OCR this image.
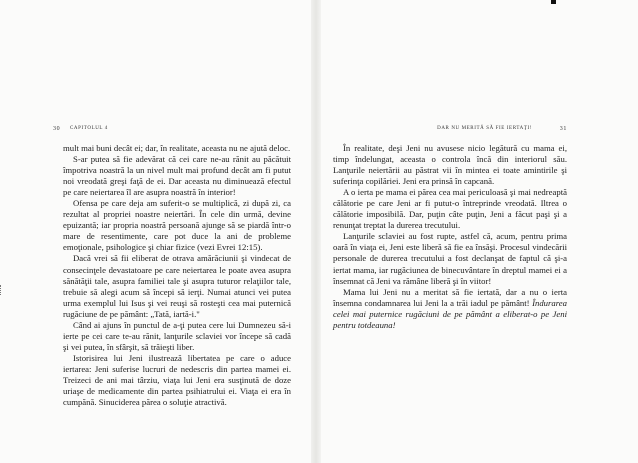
30 CAPITOLUL 4

mult mai buni decât ei; dar, în realitate, aceasta nu ne ajută deloc.

S-ar putea să fie adevărat că cei care ne-au rănit au păcătuit împotriva noastră la un nivel mult mai profund decât am fi putut noi vreodată greşi faţă de ei. Dar aceasta nu diminuează efectul pe care neiertarea îl are asupra noastră în interior!

Ofensa pe care deja am suferit-o se multiplică, zi după zi, ca rezultat al propriei noastre neiertări. În cele din urmă, devine epuizantă; iar propria noastră persoană ajunge să se piardă într-o mare de resentimente, care pot duce la ani de probleme emoţionale, psihologice şi chiar fizice (vezi Evrei 12:15).

Dacă vrei să fii eliberat de otrava amărăciunii şi vindecat de consecinţele devastatoare pe care neiertarea le poate avea asupra sănătăţii tale, asupra familiei tale şi asupra tuturor relaţiilor tale, trebuie să alegi acum să începi să ierţi. Numai atunci vei putea urma exemplul lui Isus şi vei reuşi să rosteşti cea mai puternică rugăciune de pe pământ: „Tată, iartă-i."

Când ai ajuns în punctul de a-ţi putea cere lui Dumnezeu să-i ierte pe cei care te-au rănit, lanţurile sclaviei vor începe să cadă şi vei putea, în sfârşit, să trăieşti liber.

Istorisirea lui Jeni ilustrează libertatea pe care o aduce iertarea: Jeni suferise lucruri de nedescris din partea mamei ei. Treizeci de ani mai târziu, viaţa lui Jeni era susţinută de doze uriaşe de medicamente din partea psihiatrului ei. Viaţa ei era în cumpănă. Sinuciderea părea o soluţie atractivă.

DAR NU MERITĂ SĂ FIE IERTAŢI!	31

În realitate, deşi Jeni nu avusese nicio legătură cu mama ei, timp îndelungat, aceasta o controla încă din interiorul său. Lanţurile neiertării au păstrat vii în mintea ei toate amintirile şi suferinţa copilăriei. Jeni era prinsă în capcană.

A o ierta pe mama ei părea cea mai periculoasă şi mai nedreaptă călătorie pe care Jeni ar fi putut-o întreprinde vreodată. Iltrea o călătorie imposibilă. Dar, puţin câte puţin, Jeni a făcut paşi şi a renunţat treptat la durerea trecutului.

Lanţurile sclaviei au fost rupte, astfel că, acum, pentru prima oară în viaţa ei, Jeni este liberă să fie ea însăşi. Procesul vindecării personale de durerea trecutului a fost declanşat de faptul că şi-a iertat mama, iar rugăciunea de binecuvântare în dreptul mamei ei a însemnat că Jeni va rămâne liberă şi în viitor!

Mama lui Jeni nu a meritat să fie iertată, dar a nu o ierta însemna condamnarea lui Jeni la a trăi iadul pe pământ! Îndurarea celei mai puternice rugăciuni de pe pământ a eliberat-o pe Jeni pentru totdeauna!
